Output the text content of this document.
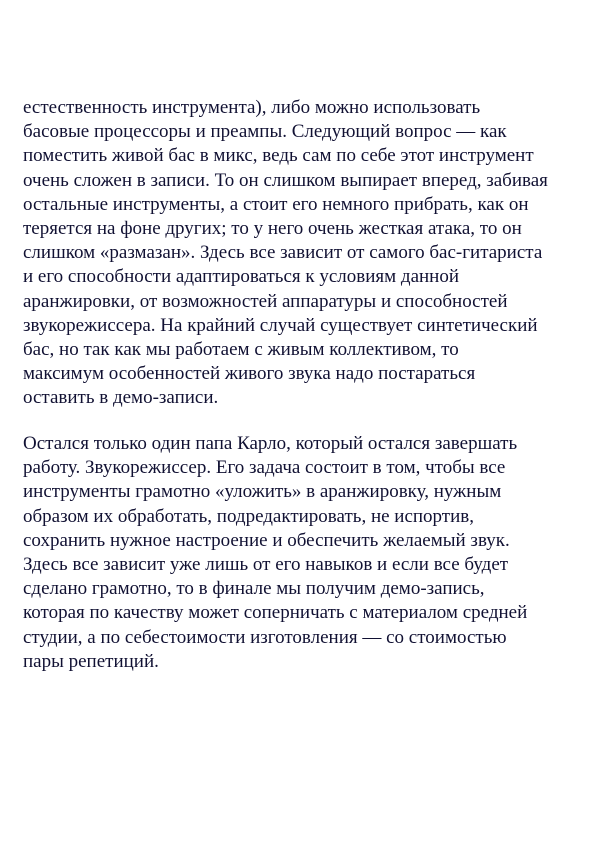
естественность инструмента), либо можно использовать
басовые процессоры и преампы. Следующий вопрос — как
поместить живой бас в микс, ведь сам по себе этот инструмент
очень сложен в записи. То он слишком выпирает вперед, забивая
остальные инструменты, а стоит его немного прибрать, как он
теряется на фоне других; то у него очень жесткая атака, то он
слишком «размазан». Здесь все зависит от самого бас-гитариста
и его способности адаптироваться к условиям данной
аранжировки, от возможностей аппаратуры и способностей
звукорежиссера. На крайний случай существует синтетический
бас, но так как мы работаем с живым коллективом, то
максимум особенностей живого звука надо постараться
оставить в демо-записи.
Остался только один папа Карло, который остался завершать
работу. Звукорежиссер. Его задача состоит в том, чтобы все
инструменты грамотно «уложить» в аранжировку, нужным
образом их обработать, подредактировать, не испортив,
сохранить нужное настроение и обеспечить желаемый звук.
Здесь все зависит уже лишь от его навыков и если все будет
сделано грамотно, то в финале мы получим демо-запись,
которая по качеству может соперничать с материалом средней
студии, а по себестоимости изготовления — со стоимостью
пары репетиций.
